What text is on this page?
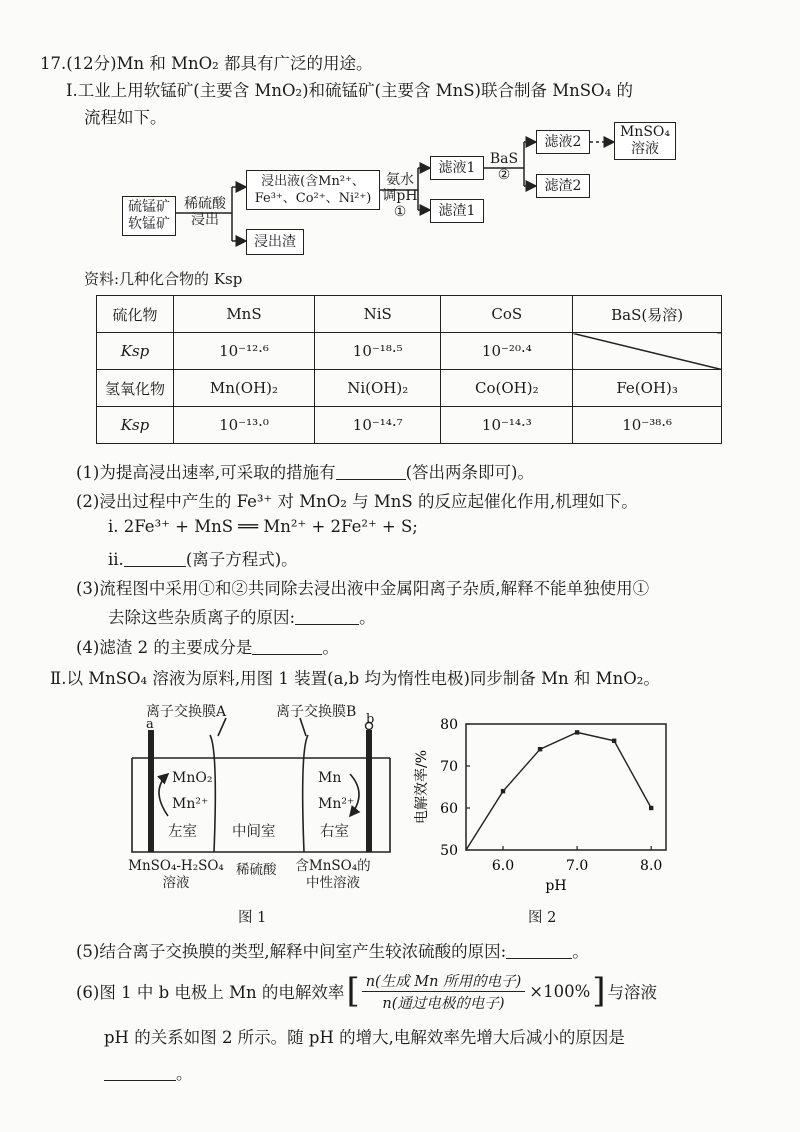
17.(12分)Mn 和 MnO₂ 都具有广泛的用途。
Ⅰ.工业上用软锰矿(主要含 MnO₂)和硫锰矿(主要含 MnS)联合制备 MnSO₄ 的
流程如下。
硫锰矿 软锰矿
稀硫酸
浸出
浸出液(含Mn²⁺、
Fe³⁺、Co²⁺、Ni²⁺)
浸出渣
氨水
调pH
①
滤液1
滤渣1
BaS
②
滤液2
滤渣2
MnSO₄
溶液
资料:几种化合物的 Ksp
硫化物	MnS	NiS	CoS	BaS(易溶)
Ksp	10⁻¹²·⁶	10⁻¹⁸·⁵	10⁻²⁰·⁴	
氢氧化物	Mn(OH)₂	Ni(OH)₂	Co(OH)₂	Fe(OH)₃
Ksp	10⁻¹³·⁰	10⁻¹⁴·⁷	10⁻¹⁴·³	10⁻³⁸·⁶
(1)为提高浸出速率,可采取的措施有	(答出两条即可)。
(2)浸出过程中产生的 Fe³⁺ 对 MnO₂ 与 MnS 的反应起催化作用,机理如下。
ⅰ. 2Fe³⁺ + MnS ══ Mn²⁺ + 2Fe²⁺ + S;
ⅱ.	(离子方程式)。
(3)流程图中采用①和②共同除去浸出液中金属阳离子杂质,解释不能单独使用①
去除这些杂质离子的原因:	。
(4)滤渣 2 的主要成分是	。
Ⅱ.以 MnSO₄ 溶液为原料,用图 1 装置(a,b 均为惰性电极)同步制备 Mn 和 MnO₂。
离子交换膜A	离子交换膜B
a	b
MnO₂
Mn²⁺
左室 中间室
Mn
Mn²⁺
右室
MnSO₄-H₂SO₄
溶液
稀硫酸	含MnSO₄的
中性溶液
图 1
50
60
70
80
6.0	7.0	8.0
pH
电解效率/%
图 2
(5)结合离子交换膜的类型,解释中间室产生较浓硫酸的原因:	。
(6)图 1 中 b 电极上 Mn 的电解效率 [ n(生成 Mn 所用的电子)
n(通过电极的电子)
×100% ] 与溶液
pH 的关系如图 2 所示。随 pH 的增大,电解效率先增大后减小的原因是
。
